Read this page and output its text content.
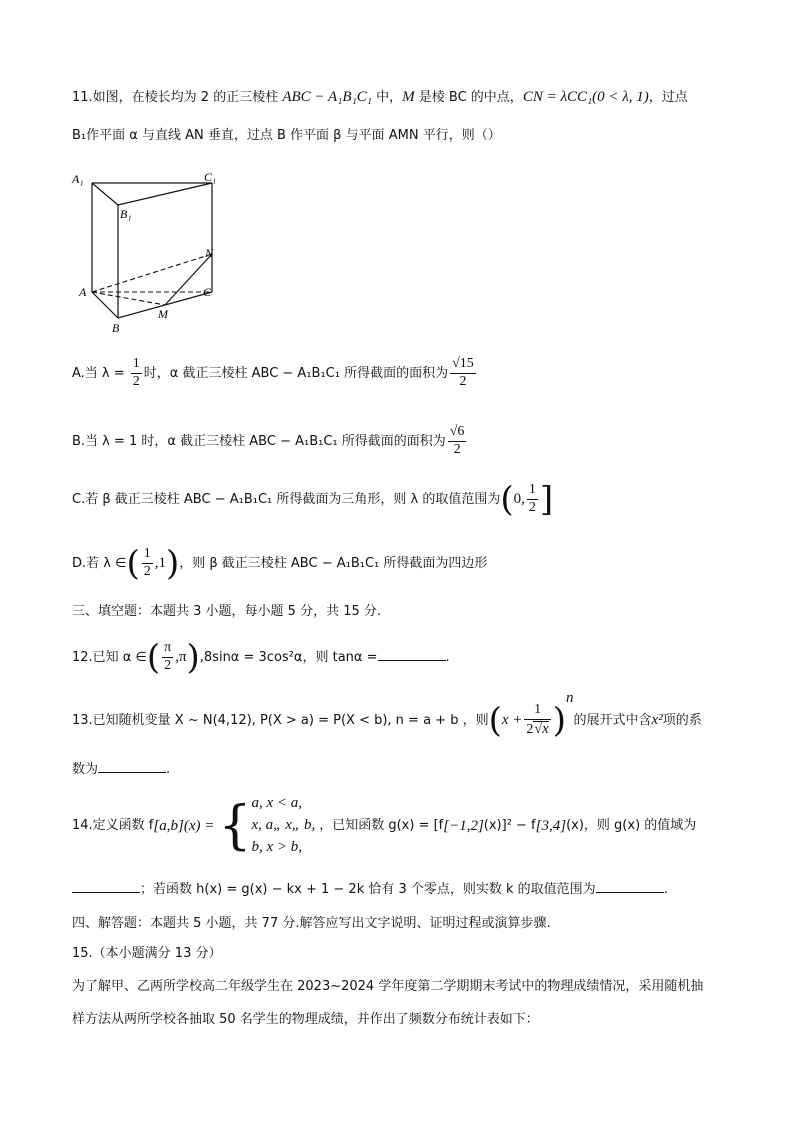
11.如图，在棱长均为 2 的正三棱柱 ABC − A₁B₁C₁ 中，M 是棱 BC 的中点，CN = λCC₁(0 < λ, 1)，过点
B₁作平面 α 与直线 AN 垂直，过点 B 作平面 β 与平面 AMN 平行，则（）
A₁	C₁
B₁
N
A	C
M
B
A.当 $\lambda = \frac{1}{2}$ 时，α 截正三棱柱 ABC − A₁B₁C₁ 所得截面的面积为 $\frac{√15}{2}$
B.当 λ = 1 时，α 截正三棱柱 ABC − A₁B₁C₁ 所得截面的面积为 $\frac{√6}{2}$
C.若 β 截正三棱柱 ABC − A₁B₁C₁ 所得截面为三角形，则 λ 的取值范围为(0, $\frac{1}{2}$ ]
D.若 λ ∈( $\frac{1}{2} ,1$)，则 β 截正三棱柱 ABC − A₁B₁C₁ 所得截面为四边形
三、填空题：本题共 3 小题，每小题 5 分，共 15 分.
12.已知 α ∈( $\frac{\pi}{2} ,\pi),8\sin\alpha = 3\cos^2\alpha$，则 tanα =	.
13.已知随机变量 X ~ N(4,12), P(X > a) = P(X < b), n = a + b ，则$(x + \frac{1}{2√x} )^n$的展开式中含x²项的系
数为	.
14.定义函数 f [a,b] (x) = { a, x < a,
x, a„ x„ b,
b, x > b,
，已知函数 g(x) = [f [−1,2] (x)]² − f [3,4] (x)，则 g(x) 的值域为
；若函数 h(x) = g(x) − kx + 1 − 2k 恰有 3 个零点，则实数 k 的取值范围为	.
四、解答题：本题共 5 小题，共 77 分.解答应写出文字说明、证明过程或演算步骤.
15.（本小题满分 13 分）
为了解甲、乙两所学校高二年级学生在 2023~2024 学年度第二学期期末考试中的物理成绩情况，采用随机抽
样方法从两所学校各抽取 50 名学生的物理成绩，并作出了频数分布统计表如下：
